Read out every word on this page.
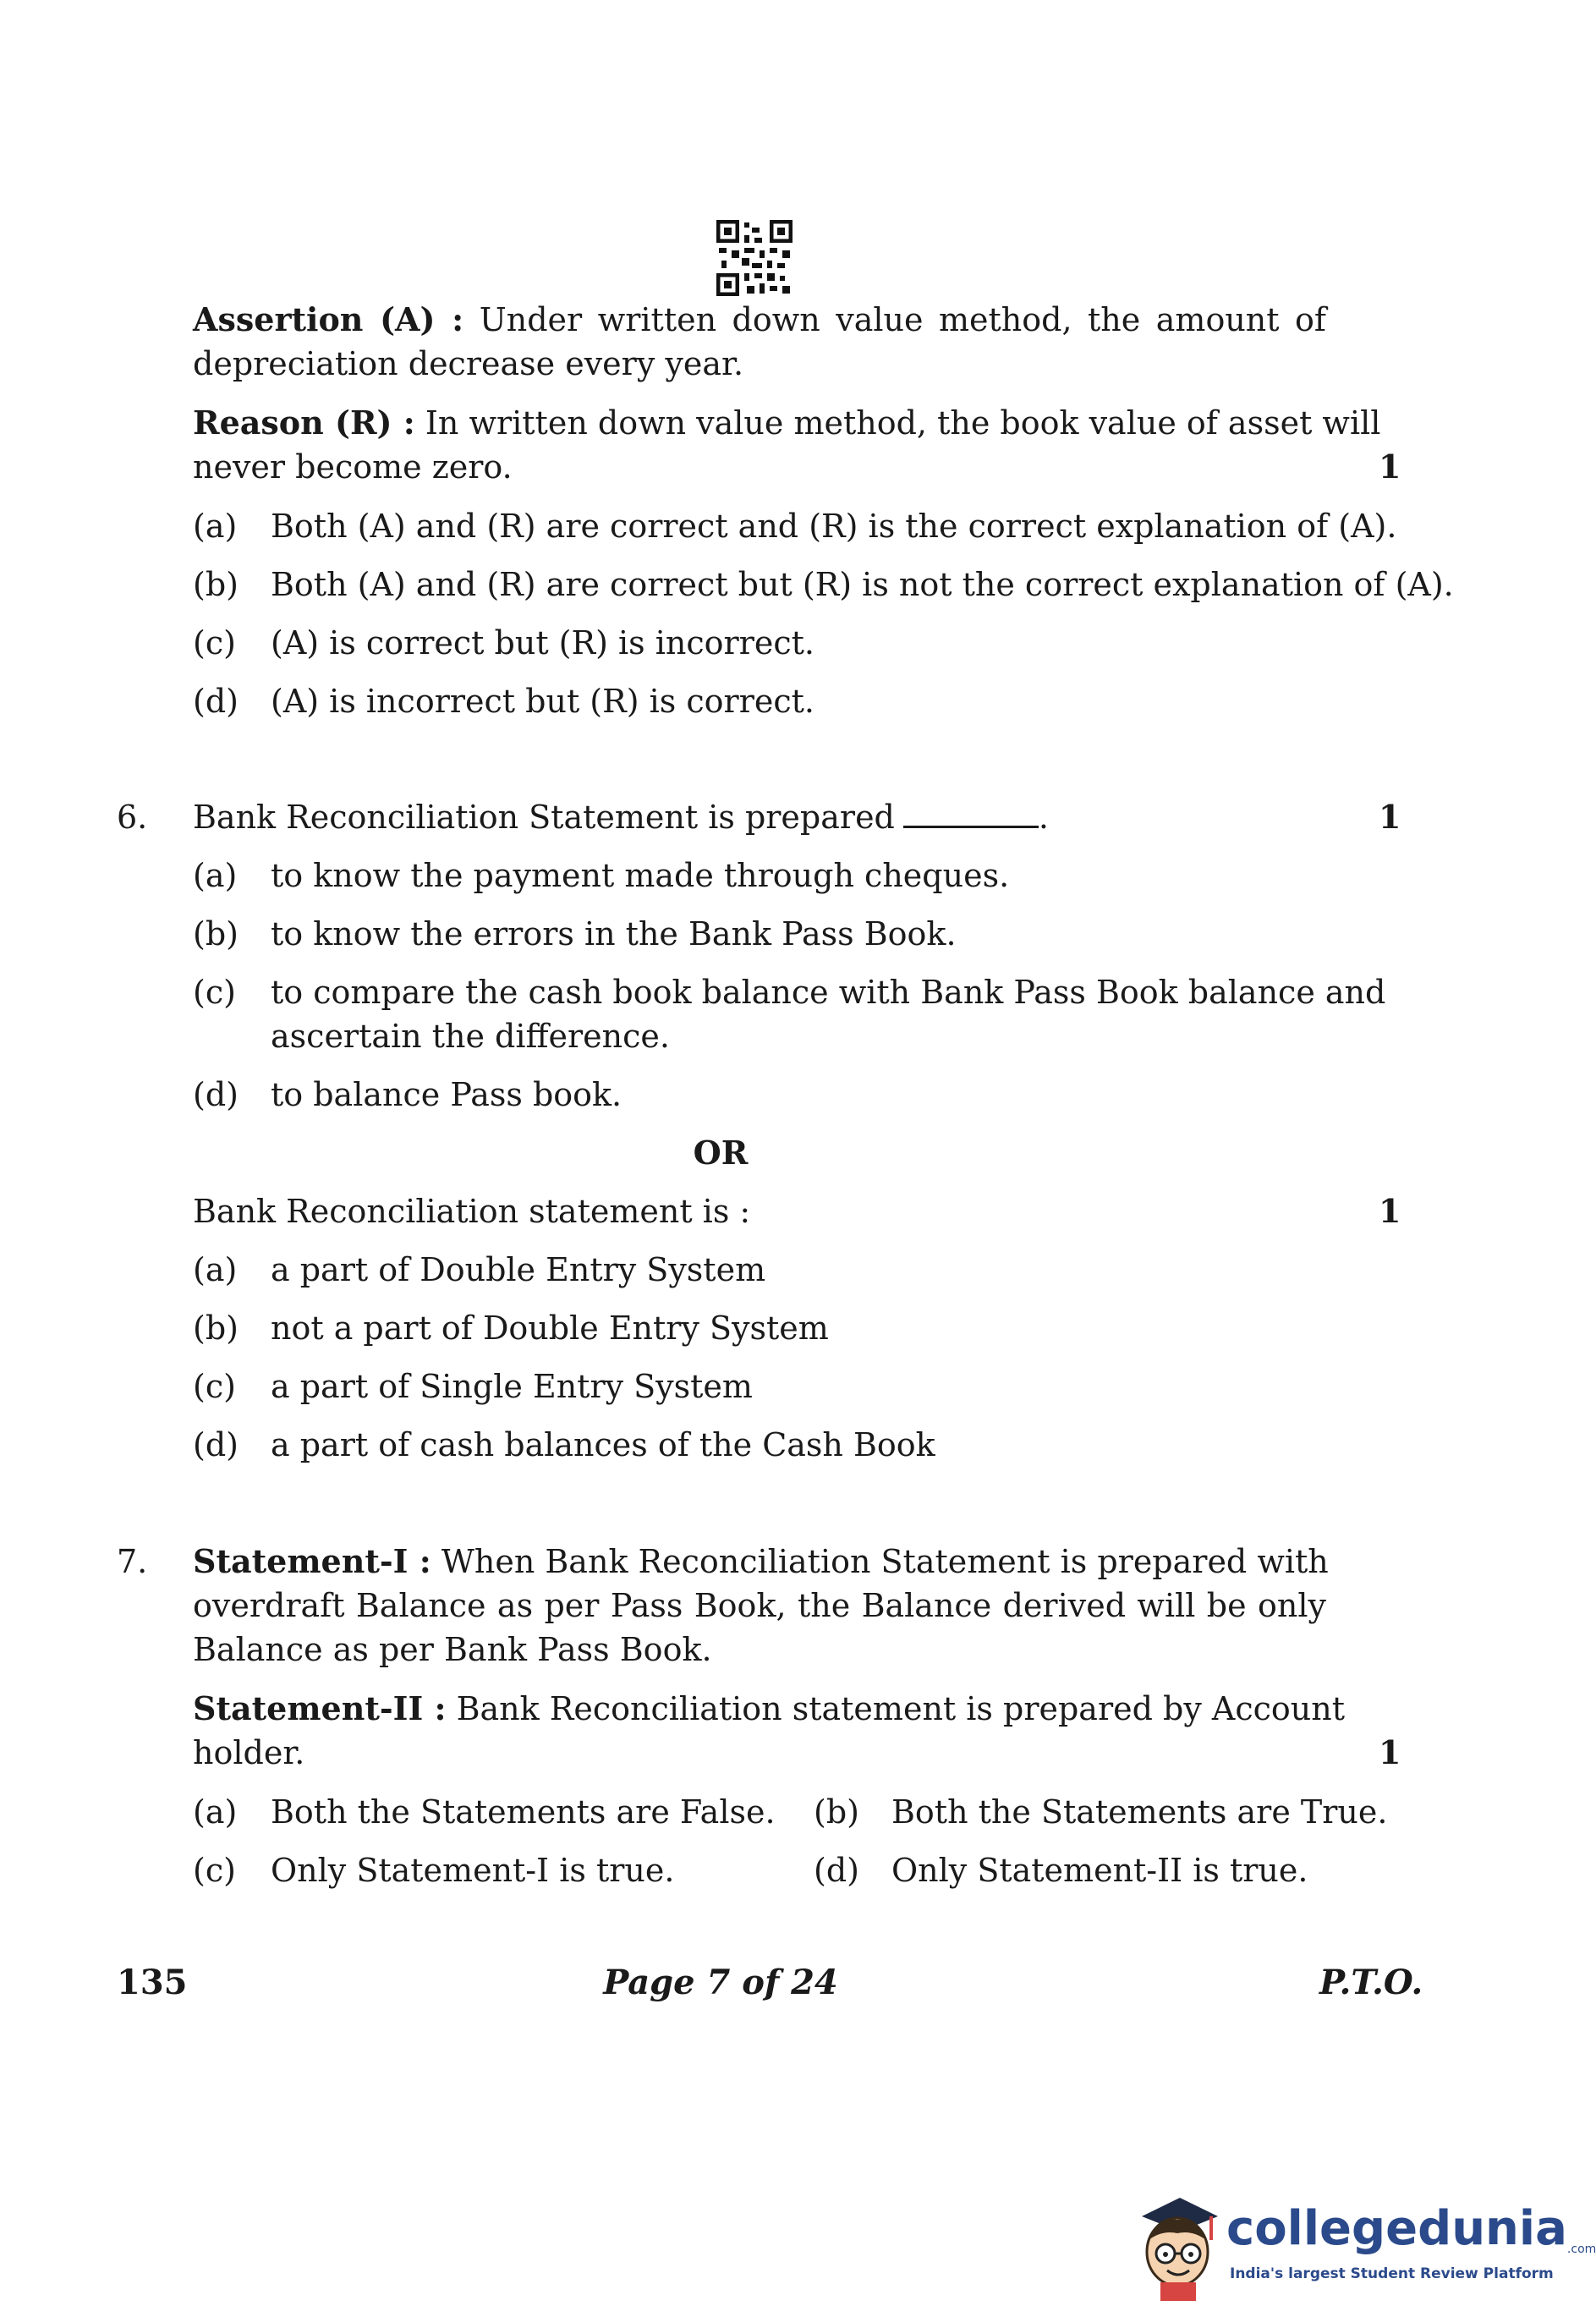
Assertion (A) : Under written down value method, the amount of
depreciation decrease every year.
Reason (R) : In written down value method, the book value of asset will
never become zero.	1
(a) Both (A) and (R) are correct and (R) is the correct explanation of (A).
(b) Both (A) and (R) are correct but (R) is not the correct explanation of (A).
(c) (A) is correct but (R) is incorrect.
(d) (A) is incorrect but (R) is correct.
6. Bank Reconciliation Statement is prepared	.	1
(a) to know the payment made through cheques.
(b) to know the errors in the Bank Pass Book.
(c) to compare the cash book balance with Bank Pass Book balance and
ascertain the difference.
(d) to balance Pass book.
OR
Bank Reconciliation statement is :	1
(a) a part of Double Entry System
(b) not a part of Double Entry System
(c) a part of Single Entry System
(d) a part of cash balances of the Cash Book
7. Statement-I : When Bank Reconciliation Statement is prepared with
overdraft Balance as per Pass Book, the Balance derived will be only
Balance as per Bank Pass Book.
Statement-II : Bank Reconciliation statement is prepared by Account
holder.	1
(a) Both the Statements are False. (b) Both the Statements are True.
(c) Only Statement-I is true.	(d) Only Statement-II is true.
135	Page 7 of 24	P.T.O.
collegedunia.com
India's largest Student Review Platform
